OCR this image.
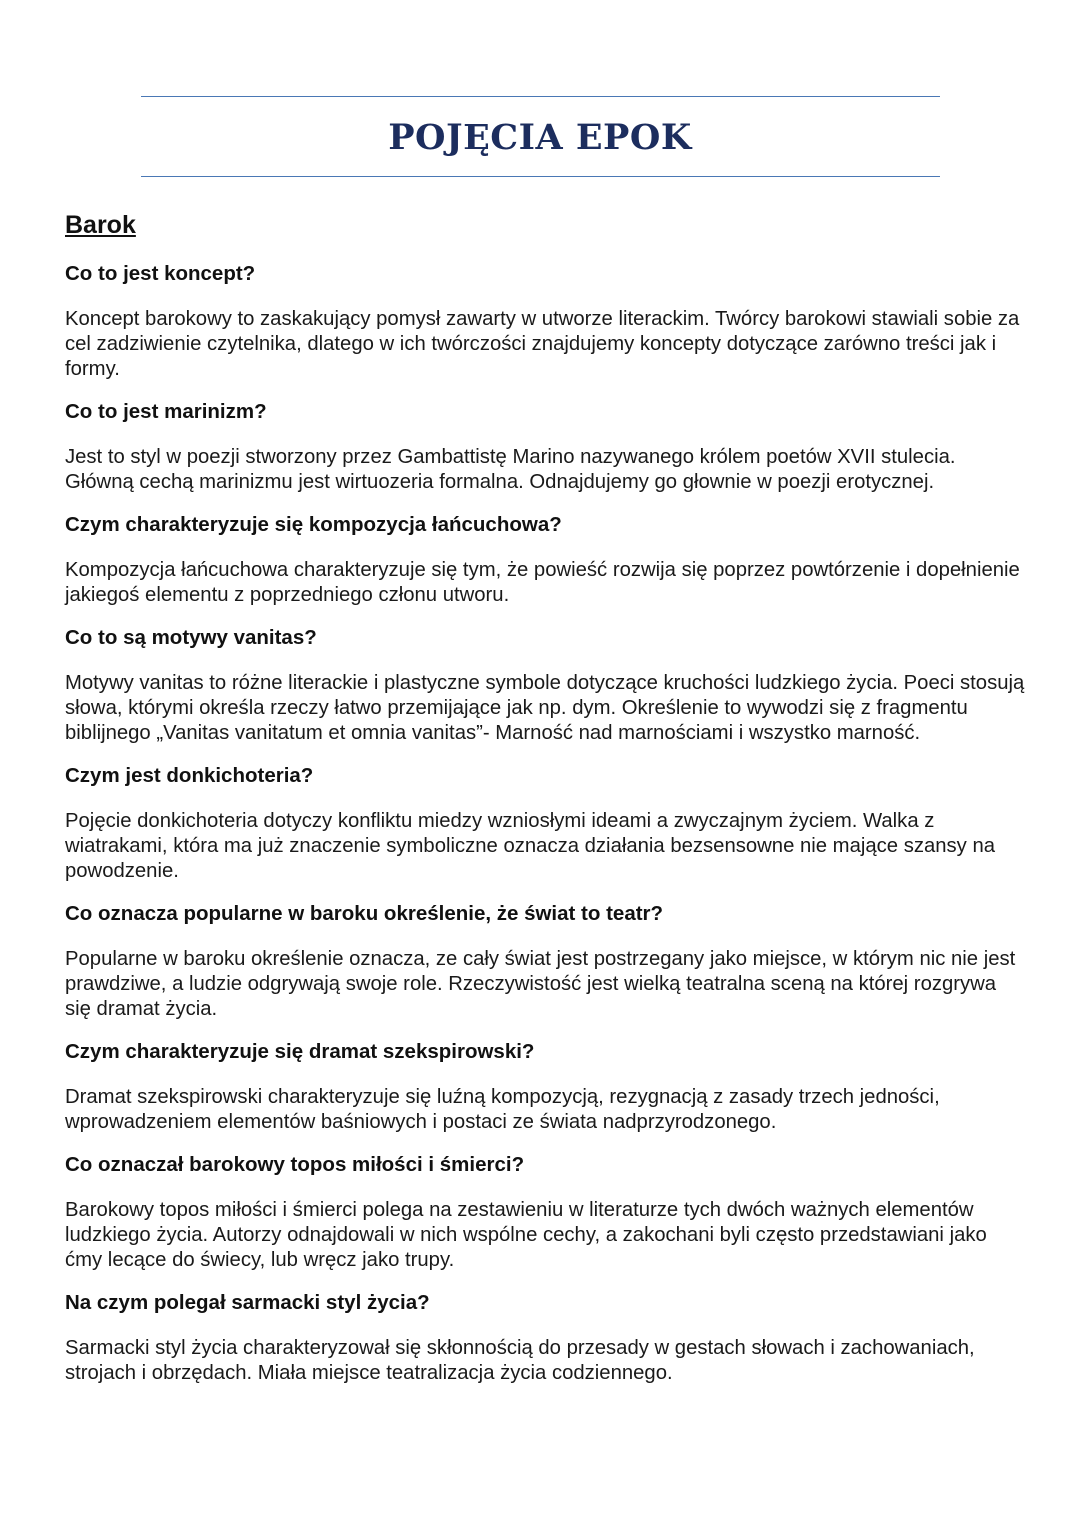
POJĘCIA EPOK
Barok

Co to jest koncept?

Koncept barokowy to zaskakujący pomysł zawarty w utworze literackim. Twórcy barokowi stawiali sobie za cel zadziwienie czytelnika, dlatego w ich twórczości znajdujemy koncepty dotyczące zarówno treści jak i formy.

Co to jest marinizm?

Jest to styl w poezji stworzony przez Gambattistę Marino nazywanego królem poetów XVII stulecia. Główną cechą marinizmu jest wirtuozeria formalna. Odnajdujemy go głownie w poezji erotycznej.

Czym charakteryzuje się kompozycja łańcuchowa?

Kompozycja łańcuchowa charakteryzuje się tym, że powieść rozwija się poprzez powtórzenie i dopełnienie jakiegoś elementu z poprzedniego członu utworu.

Co to są motywy vanitas?

Motywy vanitas to różne literackie i plastyczne symbole dotyczące kruchości ludzkiego życia. Poeci stosują słowa, którymi określa rzeczy łatwo przemijające jak np. dym. Określenie to wywodzi się z fragmentu biblijnego „Vanitas vanitatum et omnia vanitas”- Marność nad marnościami i wszystko marność.

Czym jest donkichoteria?

Pojęcie donkichoteria dotyczy konfliktu miedzy wzniosłymi ideami a zwyczajnym życiem. Walka z wiatrakami, która ma już znaczenie symboliczne oznacza działania bezsensowne nie mające szansy na powodzenie.

Co oznacza popularne w baroku określenie, że świat to teatr?

Popularne w baroku określenie oznacza, ze cały świat jest postrzegany jako miejsce, w którym nic nie jest prawdziwe, a ludzie odgrywają swoje role. Rzeczywistość jest wielką teatralna sceną na której rozgrywa się dramat życia.

Czym charakteryzuje się dramat szekspirowski?

Dramat szekspirowski charakteryzuje się luźną kompozycją, rezygnacją z zasady trzech jedności, wprowadzeniem elementów baśniowych i postaci ze świata nadprzyrodzonego.

Co oznaczał barokowy topos miłości i śmierci?

Barokowy topos miłości i śmierci polega na zestawieniu w literaturze tych dwóch ważnych elementów ludzkiego życia. Autorzy odnajdowali w nich wspólne cechy, a zakochani byli często przedstawiani jako ćmy lecące do świecy, lub wręcz jako trupy.

Na czym polegał sarmacki styl życia?

Sarmacki styl życia charakteryzował się skłonnością do przesady w gestach słowach i zachowaniach, strojach i obrzędach. Miała miejsce teatralizacja życia codziennego.
